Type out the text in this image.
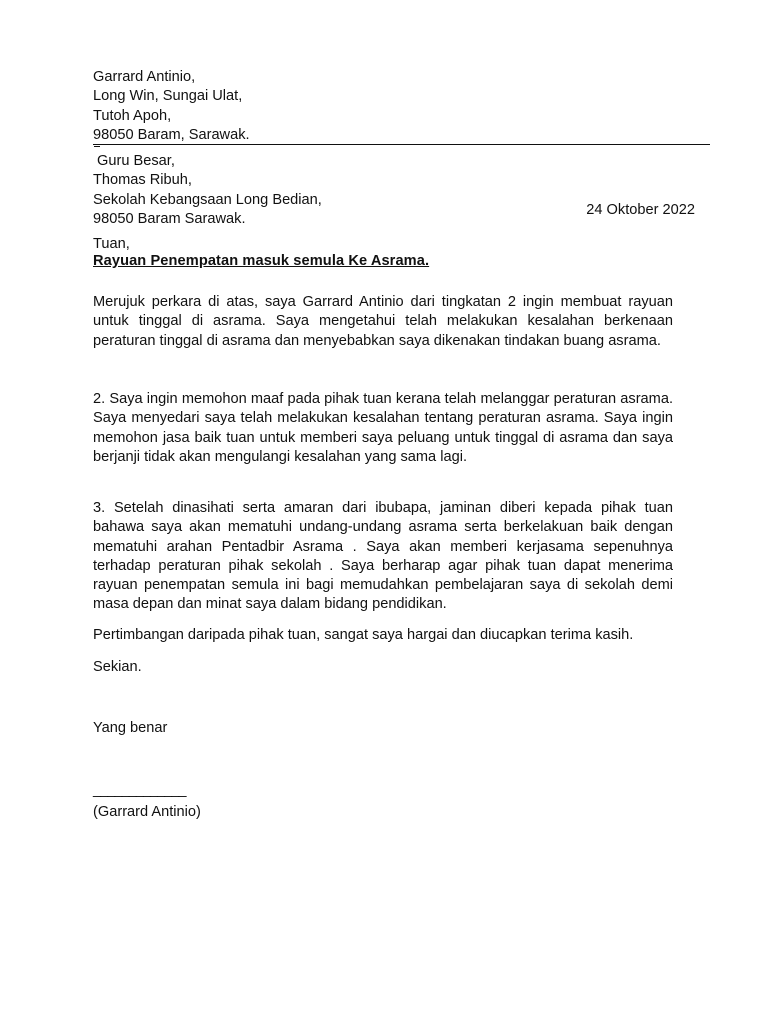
Garrard Antinio,
Long Win, Sungai Ulat,
Tutoh Apoh,
98050 Baram, Sarawak.
Guru Besar,
Thomas Ribuh,
Sekolah Kebangsaan Long Bedian,
98050 Baram Sarawak.
24 Oktober 2022
Tuan,
Rayuan Penempatan masuk semula Ke Asrama.
Merujuk perkara di atas, saya Garrard Antinio dari tingkatan 2 ingin membuat rayuan untuk tinggal di asrama. Saya mengetahui telah melakukan kesalahan berkenaan peraturan tinggal di asrama dan menyebabkan saya dikenakan tindakan buang asrama.
2. Saya ingin memohon maaf pada pihak tuan kerana telah melanggar peraturan asrama. Saya menyedari saya telah melakukan kesalahan tentang peraturan asrama. Saya ingin memohon jasa baik tuan untuk memberi saya peluang untuk tinggal di asrama dan saya berjanji tidak akan mengulangi kesalahan yang sama lagi.
3. Setelah dinasihati serta amaran dari ibubapa, jaminan diberi kepada pihak tuan bahawa saya akan mematuhi undang-undang asrama serta berkelakuan baik dengan mematuhi arahan Pentadbir Asrama . Saya akan memberi kerjasama sepenuhnya terhadap peraturan pihak sekolah . Saya berharap agar pihak tuan dapat menerima rayuan penempatan semula ini bagi memudahkan pembelajaran saya di sekolah demi masa depan dan minat saya dalam bidang pendidikan.
Pertimbangan daripada pihak tuan, sangat saya hargai dan diucapkan terima kasih.
Sekian.
Yang benar
_____________
(Garrard Antinio)
